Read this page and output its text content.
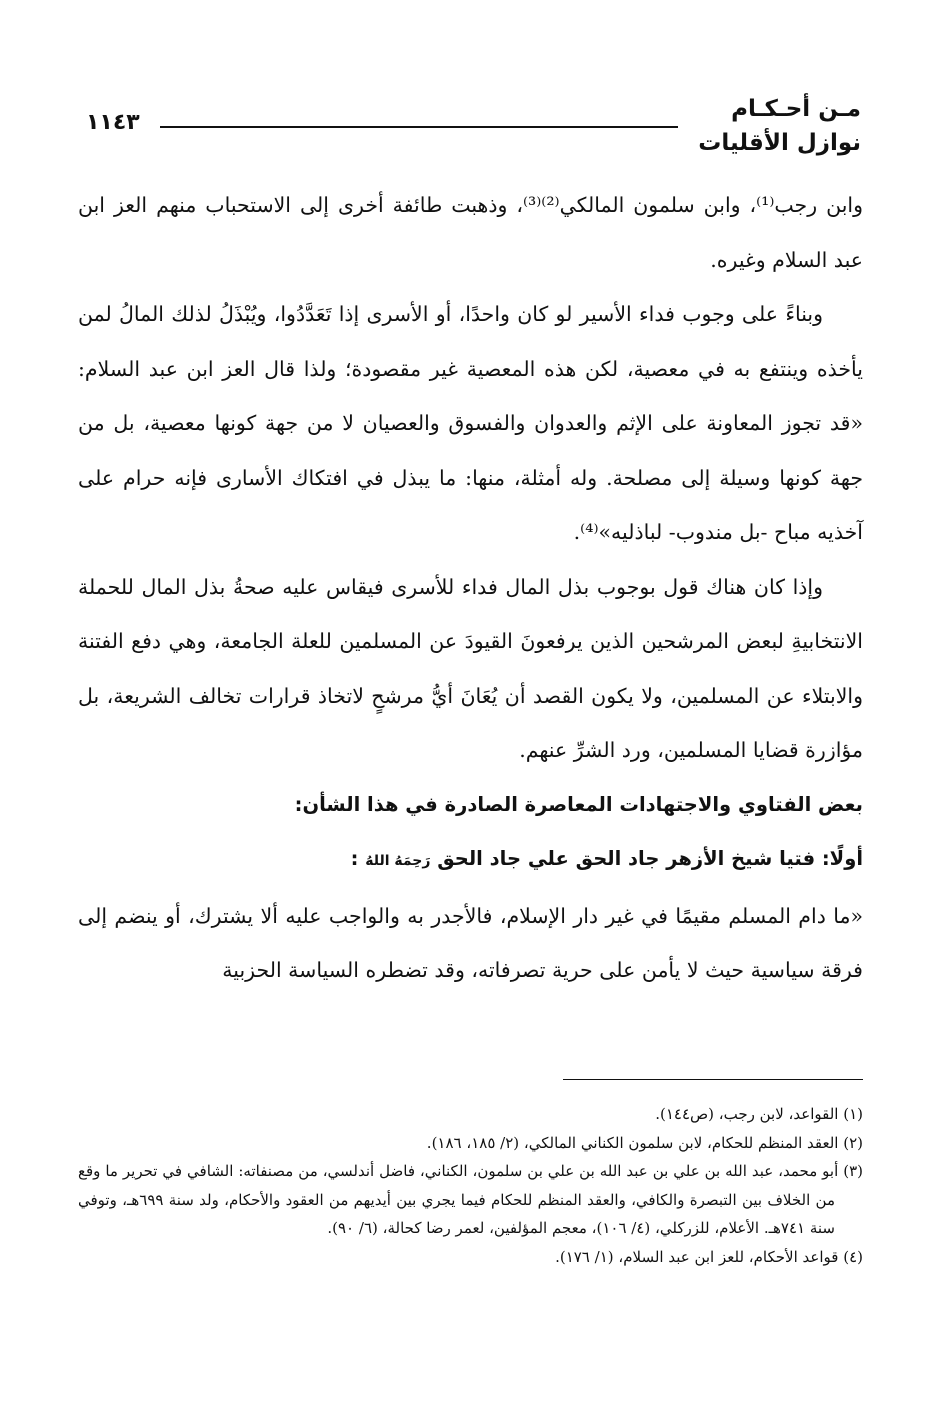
مـن أحـكـام
نوازل الأقليات
١١٤٣

وابن رجب⁽¹⁾، وابن سلمون المالكي⁽²⁾⁽³⁾، وذهبت طائفة أخرى إلى الاستحباب منهم العز ابن عبد السلام وغيره.

وبناءً على وجوب فداء الأسير لو كان واحدًا، أو الأسرى إذا تَعَدَّدُوا، ويُبْذَلُ لذلك المالُ لمن يأخذه وينتفع به في معصية، لكن هذه المعصية غير مقصودة؛ ولذا قال العز ابن عبد السلام: «قد تجوز المعاونة على الإثم والعدوان والفسوق والعصيان لا من جهة كونها معصية، بل من جهة كونها وسيلة إلى مصلحة. وله أمثلة، منها: ما يبذل في افتكاك الأسارى فإنه حرام على آخذيه مباح -بل مندوب- لباذليه»⁽⁴⁾.

وإذا كان هناك قول بوجوب بذل المال فداء للأسرى فيقاس عليه صحةُ بذل المال للحملة الانتخابيةِ لبعض المرشحين الذين يرفعونَ القيودَ عن المسلمين للعلة الجامعة، وهي دفع الفتنة والابتلاء عن المسلمين، ولا يكون القصد أن يُعَانَ أيُّ مرشحٍ لاتخاذ قرارات تخالف الشريعة، بل مؤازرة قضايا المسلمين، ورد الشرِّ عنهم.

بعض الفتاوي والاجتهادات المعاصرة الصادرة في هذا الشأن:

أولًا: فتيا شيخ الأزهر جاد الحق علي جاد الحق رَحِمَهُ اللهُ :

«ما دام المسلم مقيمًا في غير دار الإسلام، فالأجدر به والواجب عليه ألا يشترك، أو ينضم إلى فرقة سياسية حيث لا يأمن على حرية تصرفاته، وقد تضطره السياسة الحزبية

(١) القواعد، لابن رجب، (ص١٤٤).

(٢) العقد المنظم للحكام، لابن سلمون الكناني المالكي، (٢/ ١٨٥، ١٨٦).

(٣) أبو محمد، عبد الله بن علي بن عبد الله بن علي بن سلمون، الكناني، فاضل أندلسي، من مصنفاته: الشافي في تحرير ما وقع من الخلاف بين التبصرة والكافي، والعقد المنظم للحكام فيما يجري بين أيديهم من العقود والأحكام، ولد سنة ٦٩٩هـ، وتوفي سنة ٧٤١هـ. الأعلام، للزركلي، (٤/ ١٠٦)، معجم المؤلفين، لعمر رضا كحالة، (٦/ ٩٠).

(٤) قواعد الأحكام، للعز ابن عبد السلام، (١/ ١٧٦).
